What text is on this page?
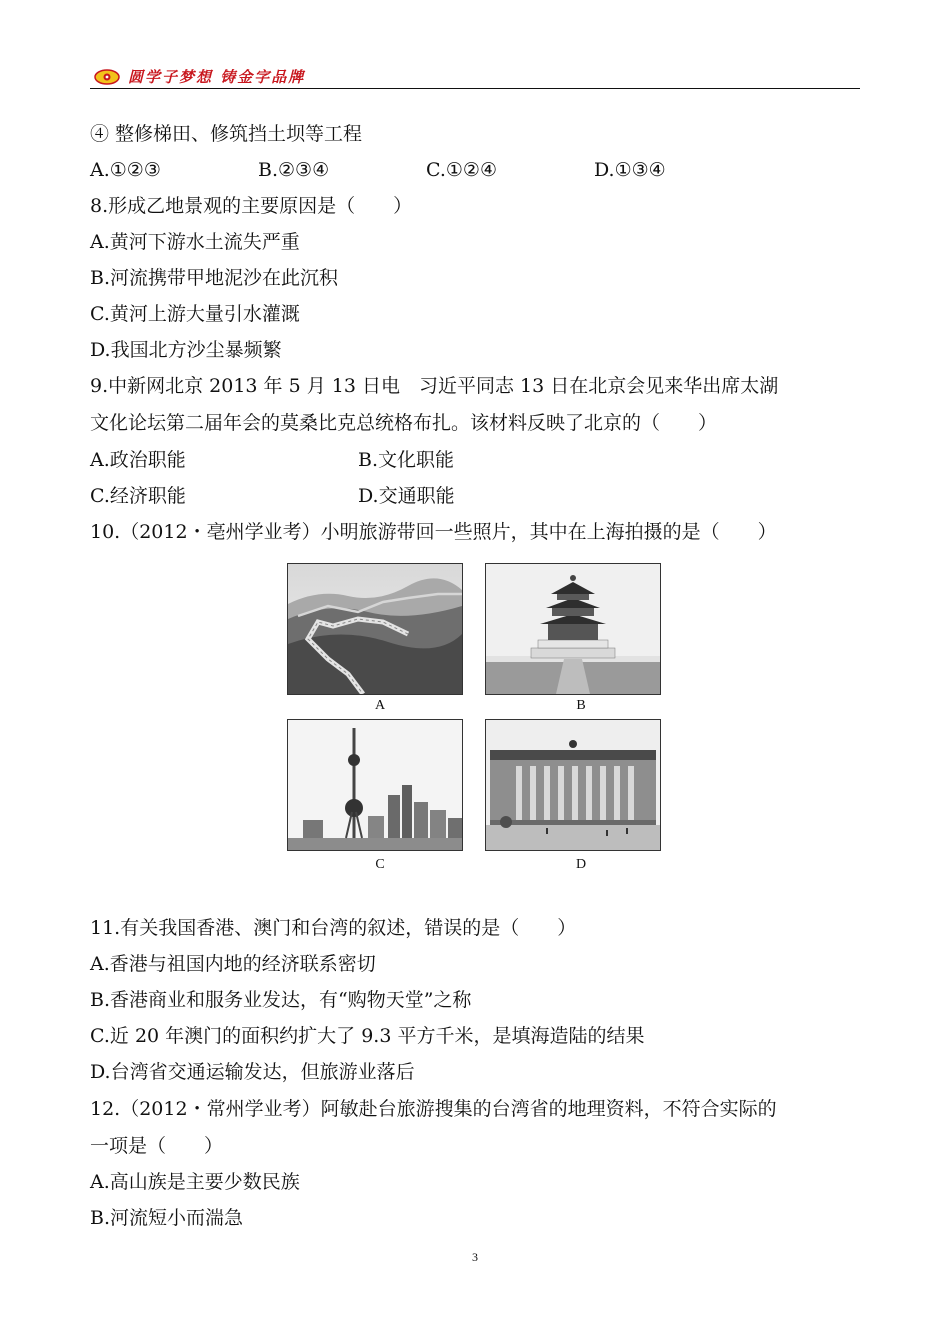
圆学子梦想 铸金字品牌
④ 整修梯田、修筑挡土坝等工程
A.①②③	B.②③④	C.①②④	D.①③④
8.形成乙地景观的主要原因是（　　）
A.黄河下游水土流失严重
B.河流携带甲地泥沙在此沉积
C.黄河上游大量引水灌溉
D.我国北方沙尘暴频繁
9.中新网北京 2013 年 5 月 13 日电　习近平同志 13 日在北京会见来华出席太湖
文化论坛第二届年会的莫桑比克总统格布扎。该材料反映了北京的（　　）
A.政治职能	B.文化职能
C.经济职能	D.交通职能
10.（2012・亳州学业考）小明旅游带回一些照片，其中在上海拍摄的是（　　）
A	B
C	D
11.有关我国香港、澳门和台湾的叙述，错误的是（　　）
A.香港与祖国内地的经济联系密切
B.香港商业和服务业发达，有“购物天堂”之称
C.近 20 年澳门的面积约扩大了 9.3 平方千米，是填海造陆的结果
D.台湾省交通运输发达，但旅游业落后
12.（2012・常州学业考）阿敏赴台旅游搜集的台湾省的地理资料，不符合实际的
一项是（　　）
A.高山族是主要少数民族
B.河流短小而湍急
3
